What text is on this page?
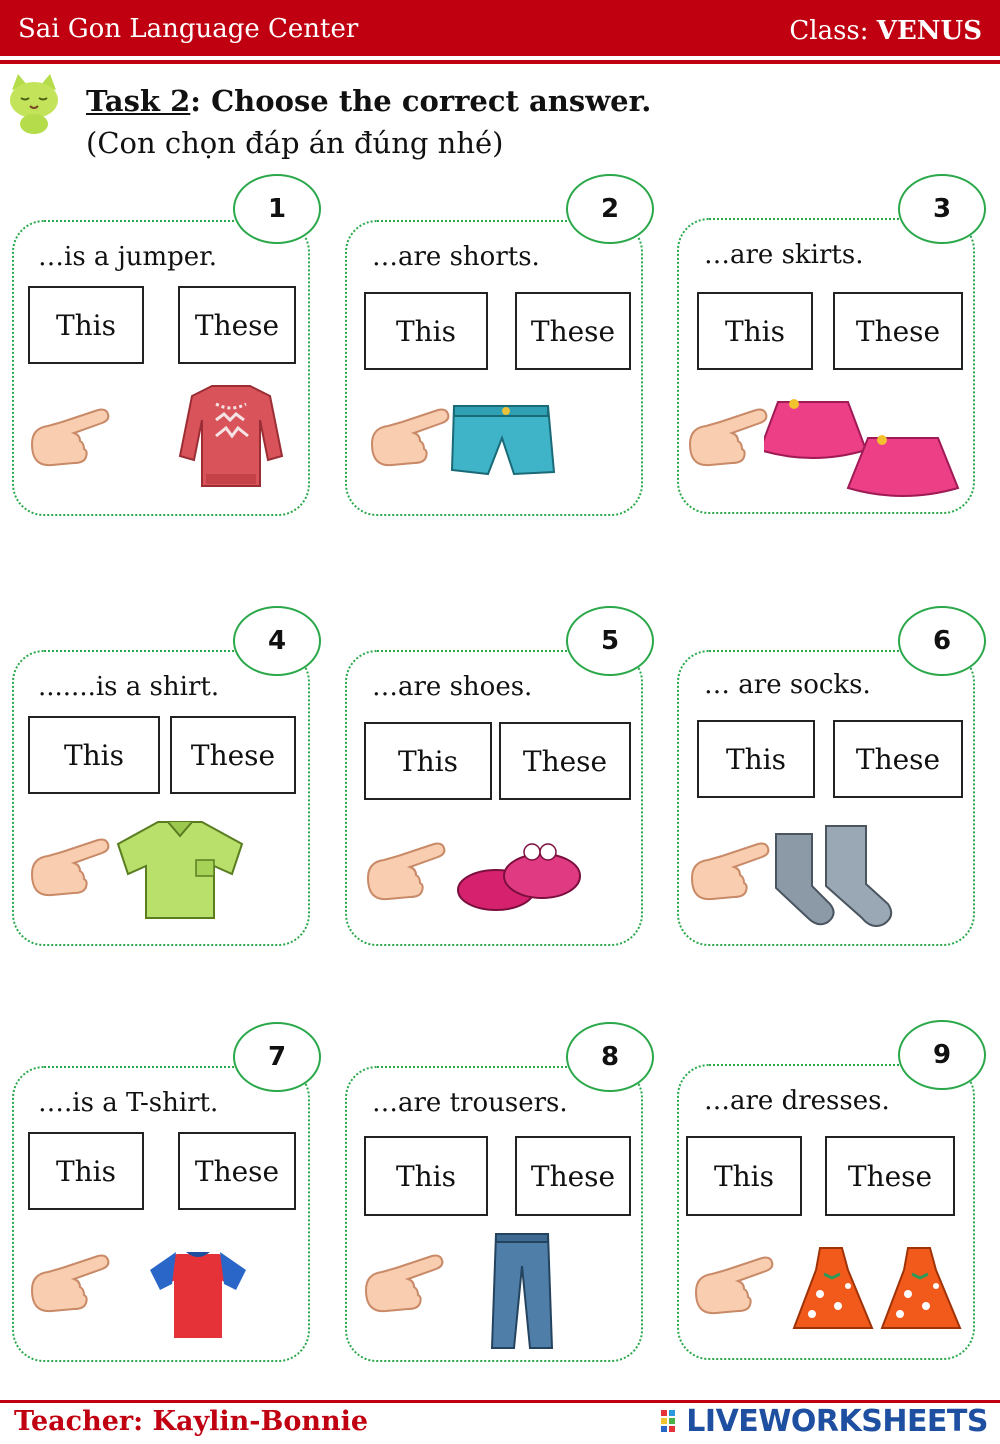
Sai Gon Language Center	Class: VENUS
Task 2: Choose the correct answer.
(Con chọn đáp án đúng nhé)
1
…is a jumper.
This	These
2
…are shorts.
This	These
3
…are skirts.
This	These
4
.......is a shirt.
This	These
5
…are shoes.
This	These
6
… are socks.
This	These
7
….is a T-shirt.
This	These
8
…are trousers.
This	These
9
…are dresses.
This	These
Teacher: Kaylin-Bonnie	LIVEWORKSHEETS
